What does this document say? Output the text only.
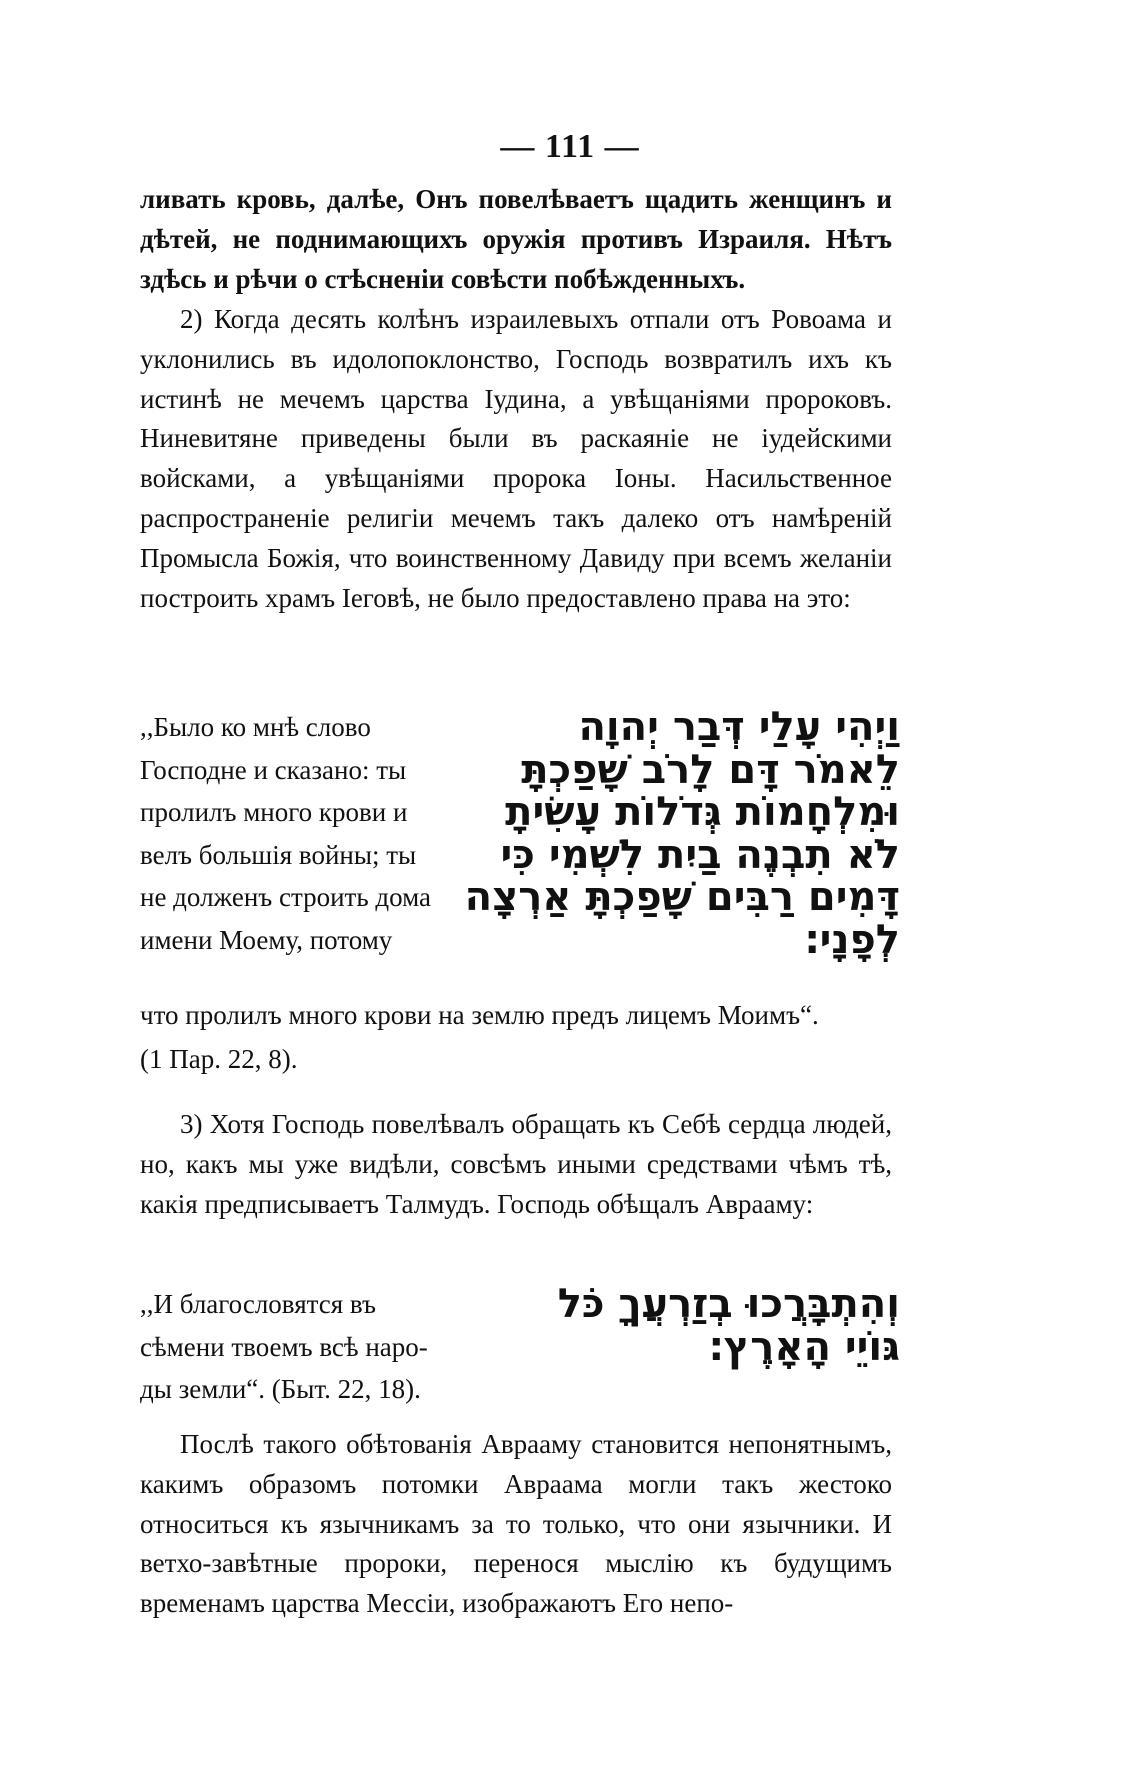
— 111 —

ливать кровь, далѣе, Онъ повелѣваетъ щадить женщинъ и дѣтей, не поднимающихъ оружія противъ Израиля. Нѣтъ здѣсь и рѣчи о стѣсненіи совѣсти побѣжденныхъ.

2) Когда десять колѣнъ израилевыхъ отпали отъ Ровоама и уклонились въ идолопоклонство, Господь возвратилъ ихъ къ истинѣ не мечемъ царства Іудина, а увѣщаніями пророковъ. Ниневитяне приведены были въ раскаяніе не іудейскими войсками, а увѣщаніями пророка Іоны. Насильственное распространеніе религіи мечемъ такъ далеко отъ намѣреній Промысла Божія, что воинственному Давиду при всемъ желаніи построить храмъ Іеговѣ, не было предоставлено права на это:

,,Было ко мнѣ слово
Господне и сказано: ты
пролилъ много крови и
велъ большія войны; ты
не долженъ строить дома
имени Моему, потому
וַיְהִי עָלַי דְּבַר יְהוָה
לֵאמֹר דָּם לָרֹב שָׁפַכְתָּ
וּמִלְחָמוֹת גְּדֹלוֹת עָשִׂיתָ
לֹא תִבְנֶה בַיִת לִשְׁמִי כִּי
דָּמִים רַבִּים שָׁפַכְתָּ אַרְצָה
לְפָנָי׃
что пролилъ много крови на землю предъ лицемъ Моимъ“.
(1 Пар. 22, 8).

3) Хотя Господь повелѣвалъ обращать къ Себѣ сердца людей, но, какъ мы уже видѣли, совсѣмъ иными средствами чѣмъ тѣ, какія предписываетъ Талмудъ. Господь обѣщалъ Аврааму:

,,И благословятся въ
сѣмени твоемъ всѣ наро-
ды земли“. (Быт. 22, 18).
וְהִתְבָּרֲכוּ בְזַרְעֲךָ כֹּל
גּוֹיֵי הָאָרֶץ׃

Послѣ такого обѣтованія Аврааму становится непонятнымъ, какимъ образомъ потомки Авраама могли такъ жестоко относиться къ язычникамъ за то только, что они язычники. И ветхо-завѣтные пророки, перенося мыслію къ будущимъ временамъ царства Мессіи, изображаютъ Его непо-
